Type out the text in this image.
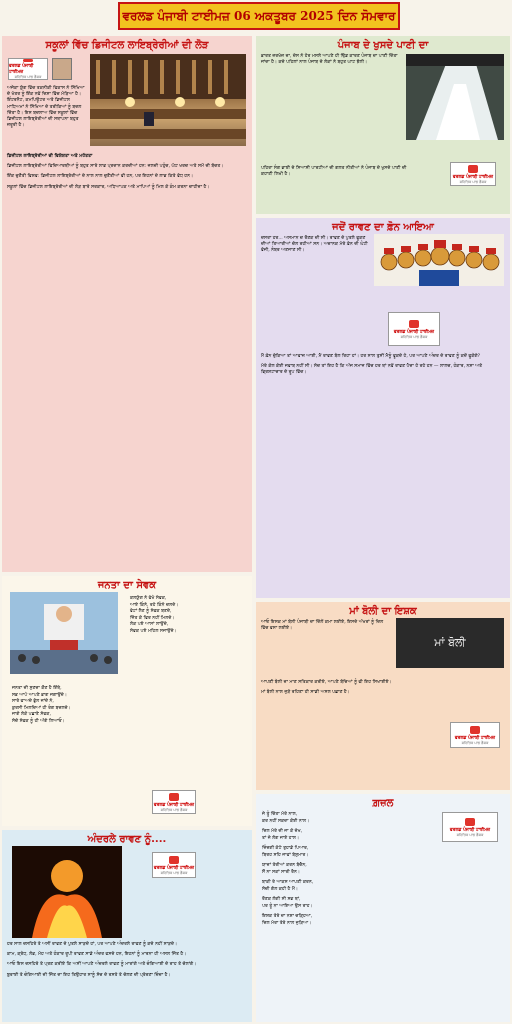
ਵਰਲਡ ਪੰਜਾਬੀ ਟਾਈਮਜ਼ 06 ਅਕਤੂਬਰ 2025 ਦਿਨ ਸੋਮਵਾਰ
ਸਕੂਲਾਂ ਵਿੱਚ ਡਿਜੀਟਲ ਲਾਇਬ੍ਰੇਰੀਆਂ ਦੀ ਲੋੜ
ਵਰਲਡ ਪੰਜਾਬੀ ਟਾਈਮਜ਼
ਸਹਿਤਿਕ ਪਾਠ ਡੈਸਕ

ਅਜੋਕਾ ਯੁੱਗ ਵਿੱਚ ਤਕਨੀਕੀ ਵਿਕਾਸ ਨੇ ਸਿੱਖਿਆ ਦੇ ਖੇਤਰ ਨੂੰ ਇੱਕ ਨਵੇਂ ਦਿਸ਼ਾ ਵਿੱਚ ਮੋੜਿਆ ਹੈ। ਇੰਟਰਨੈਟ, ਕਮਪਿਊਟਰ ਅਤੇ ਡਿਜੀਟਲ ਮਾਧਿਅਮਾਂ ਨੇ ਸਿੱਖਿਆ ਦੇ ਤਰੀਕਿਆਂ ਨੂੰ ਬਦਲ ਦਿੱਤਾ ਹੈ। ਇਸ ਬਦਲਾਅ ਵਿੱਚ ਸਕੂਲਾਂ ਵਿੱਚ ਡਿਜੀਟਲ ਲਾਇਬ੍ਰੇਰੀਆਂ ਦੀ ਸਥਾਪਨਾ ਬਹੁਤ ਜ਼ਰੂਰੀ ਹੈ।

ਡਿਜੀਟਲ ਲਾਇਬ੍ਰੇਰੀਆਂ ਦੀ ਵਿਸ਼ੇਸ਼ਤਾ ਅਤੇ ਮਹੱਤਤਾ

ਡਿਜੀਟਲ ਲਾਇਬ੍ਰੇਰੀਆਂ ਵਿਦਿਆਰਥੀਆਂ ਨੂੰ ਬਹੁਤ ਸਾਰੇ ਲਾਭ ਪ੍ਰਦਾਨ ਕਰਦੀਆਂ ਹਨ: ਜਲਦੀ ਪਹੁੰਚ, ਘੱਟ ਖਰਚ ਅਤੇ ਸਮੇਂ ਦੀ ਬੱਚਤ।

ਇੱਕ ਚੁਣੌਤੀ ਵਿਸ਼ਵ: ਡਿਜੀਟਲ ਲਾਇਬ੍ਰੇਰੀਆਂ ਦੇ ਨਾਲ ਨਾਲ ਚੁਣੌਤੀਆਂ ਵੀ ਹਨ, ਪਰ ਇਹਨਾਂ ਦੇ ਲਾਭ ਕਿਤੇ ਵੱਧ ਹਨ।

ਸਕੂਲਾਂ ਵਿੱਚ ਡਿਜੀਟਲ ਲਾਇਬ੍ਰੇਰੀਆਂ ਦੀ ਲੋੜ ਬਾਰੇ ਸਰਕਾਰ, ਅਧਿਆਪਕ ਅਤੇ ਮਾਪਿਆਂ ਨੂੰ ਮਿਲ ਕੇ ਕੰਮ ਕਰਨਾ ਚਾਹੀਦਾ ਹੈ।

ਪੰਜਾਬ ਦੇ ਖੁਸਦੇ ਪਾਣੀ ਦਾ

ਭਾਰਤ ਜ਼ਰਖੇਜ਼ ਦਾ, ਦੇਸ ਨੇ ਹੋਰ ਮਸਲੇ ਆਪਣੇ ਹੀ ਢਿੱਡ ਕਾਰਣ ਪੰਜਾਬ ਦਾ ਪਾਣੀ ਦਿੱਤਾ ਜਾਂਦਾ ਹੈ। ਕਦੇ ਪਹਿਲਾਂ ਨਾਲ ਪੰਜਾਬ ਦੇ ਲੋਕਾਂ ਨੇ ਬਹੁਤ ਘਾਟ ਝੱਲੀ।

ਪਹਿਰਾ ਸੰਗ ਭਾਈ ਦੇ ਸਿਆਸੀ ਪਾਰਟੀਆਂ ਦੀ ਗਲਤ ਨੀਤੀਆਂ ਨੇ ਪੰਜਾਬ ਦੇ ਖੁਸਦੇ ਪਾਣੀ ਦੀ ਕਹਾਣੀ ਲਿਖੀ ਹੈ।	ਵਰਲਡ ਪੰਜਾਬੀ ਟਾਈਮਜ਼
ਸਹਿਤਿਕ ਪਾਠ ਡੈਸਕ
ਜਦੋਂ ਰਾਵਣ ਦਾ ਫ਼ੋਨ ਆਇਆ

ਦਸਰਾ ਹਰ... ਅਸਮਾਨ ਚ ਰੌਣਕ ਦੀ ਸੀ। ਰਾਵਣ ਦੇ ਪੁਤਲੇ ਫੂਕਣ ਦੀਆਂ ਤਿਆਰੀਆਂ ਚੱਲ ਰਹੀਆਂ ਸਨ। ਅਚਾਨਕ ਮੇਰੇ ਫ਼ੋਨ ਦੀ ਘੰਟੀ ਵੱਜੀ, ਨੰਬਰ ਅਣਜਾਣ ਸੀ।

ਵਰਲਡ ਪੰਜਾਬੀ ਟਾਈਮਜ਼
ਸਹਿਤਿਕ ਪਾਠ ਡੈਸਕ

ਮੈਂ ਫ਼ੋਨ ਚੁੱਕਿਆ ਤਾਂ ਆਵਾਜ਼ ਆਈ, ਮੈਂ ਰਾਵਣ ਬੋਲ ਰਿਹਾ ਹਾਂ। ਹਰ ਸਾਲ ਤੁਸੀਂ ਮੈਨੂੰ ਫੂਕਦੇ ਹੋ, ਪਰ ਆਪਣੇ ਅੰਦਰ ਦੇ ਰਾਵਣ ਨੂੰ ਕਦੋਂ ਫੂਕੋਗੇ?

ਮੇਰੇ ਕੋਲ ਕੋਈ ਜਵਾਬ ਨਹੀਂ ਸੀ। ਸੱਚ ਤਾਂ ਇਹ ਹੈ ਕਿ ਅੱਜ ਸਮਾਜ ਵਿੱਚ ਹਰ ਥਾਂ ਨਵੇਂ ਰਾਵਣ ਪੈਦਾ ਹੋ ਰਹੇ ਹਨ — ਲਾਲਚ, ਹੰਕਾਰ, ਨਸ਼ਾ ਅਤੇ ਭ੍ਰਿਸ਼ਟਾਚਾਰ ਦੇ ਰੂਪ ਵਿੱਚ।

ਜਨਤਾ ਦਾ ਸੇਵਕ

ਕਲਯੁੱਗ ਨੇ ਵੇਖੋ ਸੇਵਕ,

ਆਏ ਕਿੰਨੇ, ਰਹੇ ਕਿੰਨੇ ਚਲਦੇ।

ਵੋਟਾਂ ਲੈਣ ਨੂੰ ਸੇਵਕ ਬਣਦੇ,

ਜਿੱਤ ਕੇ ਫਿਰ ਨਹੀਂ ਮਿਲਦੇ।

ਲੋਕ ਪਏ ਆਸਾਂ ਲਾਉਂਦੇ,

ਸੇਵਕ ਪਏ ਮਹਿਲ ਸਜਾਉਂਦੇ।

ਜਨਤਾ ਦੀ ਸੁਣਦਾ ਕੌਣ ਹੈ ਇੱਥੇ,

ਸਭ ਆਪੋ ਆਪਣੇ ਭਾਗ ਜਗਾਉਂਦੇ।

ਸਾਰੇ ਵਾਅਦੇ ਭੁੱਲ ਜਾਂਦੇ ਨੇ,

ਕੁਰਸੀ ਮਿਲਦਿਆਂ ਹੀ ਰੰਗ ਬਦਲਦੇ।

ਜਾਗੋ ਲੋਕੋ ਪਛਾਣੋ ਸੇਵਕ,

ਸੱਚੇ ਸੇਵਕ ਨੂੰ ਹੀ ਅੱਗੇ ਲਿਆਓ।

ਵਰਲਡ ਪੰਜਾਬੀ ਟਾਈਮਜ਼
ਸਹਿਤਿਕ ਪਾਠ ਡੈਸਕ
ਮਾਂ ਬੋਲੀ ਦਾ ਇਸ਼ਕ
ਮਾਂ ਬੋਲੀ

ਆਓ ਇਸਕ ਮਾਂ ਬੋਲੀ ਪੰਜਾਬੀ ਦਾ ਦਿੱਲੋਂ ਕਮਾ ਲਈਏ, ਇਸਦੇ ਅੱਖਰਾਂ ਨੂੰ ਦਿਲ ਵਿੱਚ ਵਸਾ ਲਈਏ।

ਆਪਣੀ ਬੋਲੀ ਦਾ ਮਾਣ ਸਤਿਕਾਰ ਕਰੀਏ, ਆਪਣੇ ਬੱਚਿਆਂ ਨੂੰ ਵੀ ਇਹ ਸਿਖਾਈਏ।

ਮਾਂ ਬੋਲੀ ਨਾਲ ਜੁੜੇ ਰਹਿਣਾ ਹੀ ਸਾਡੀ ਅਸਲ ਪਛਾਣ ਹੈ।

ਵਰਲਡ ਪੰਜਾਬੀ ਟਾਈਮਜ਼
ਸਹਿਤਿਕ ਪਾਠ ਡੈਸਕ
ਅੰਦਰਲੇ ਰਾਵਣ ਨੂੰ....
ਵਰਲਡ ਪੰਜਾਬੀ ਟਾਈਮਜ਼
ਸਹਿਤਿਕ ਪਾਠ ਡੈਸਕ

ਹਰ ਸਾਲ ਦਸਹਿਰੇ ਤੇ ਅਸੀਂ ਰਾਵਣ ਦੇ ਪੁਤਲੇ ਸਾੜਦੇ ਹਾਂ, ਪਰ ਆਪਣੇ ਅੰਦਰਲੇ ਰਾਵਣ ਨੂੰ ਕਦੇ ਨਹੀਂ ਸਾੜਦੇ।

ਕਾਮ, ਕ੍ਰੋਧ, ਲੋਭ, ਮੋਹ ਅਤੇ ਹੰਕਾਰ ਰੂਪੀ ਰਾਵਣ ਸਾਡੇ ਅੰਦਰ ਵਸਦੇ ਹਨ, ਇਹਨਾਂ ਨੂੰ ਮਾਰਨਾ ਹੀ ਅਸਲ ਜਿੱਤ ਹੈ।

ਆਓ ਇਸ ਦਸਹਿਰੇ ਤੇ ਪ੍ਰਣ ਕਰੀਏ ਕਿ ਅਸੀਂ ਆਪਣੇ ਅੰਦਰਲੇ ਰਾਵਣ ਨੂੰ ਮਾਰਾਂਗੇ ਅਤੇ ਚੰਗਿਆਈ ਦੇ ਰਾਹ ਤੇ ਚੱਲਾਂਗੇ।

ਬੁਰਾਈ ਤੇ ਚੰਗਿਆਈ ਦੀ ਜਿੱਤ ਦਾ ਇਹ ਤਿਉਹਾਰ ਸਾਨੂੰ ਸੱਚ ਦੇ ਰਸਤੇ ਤੇ ਚੱਲਣ ਦੀ ਪ੍ਰੇਰਣਾ ਦਿੰਦਾ ਹੈ।

ਗ਼ਜ਼ਲ
ਵਰਲਡ ਪੰਜਾਬੀ ਟਾਈਮਜ਼
ਸਹਿਤਿਕ ਪਾਠ ਡੈਸਕ

ਜੋ ਤੂੰ ਚਿੱਤਾ ਮੇਰੇ ਨਾਲ,

ਕਰ ਨਹੀਂ ਸਕਦਾ ਕੋਈ ਨਾਲ।

ਦਿਲ ਮੇਰੇ ਦੀ ਜਾ ਕੇ ਦੇਖ,

ਤਾਂ ਜੋ ਲੱਗ ਜਾਏ ਹਾਲ।

ਜ਼ਿੰਦਗੀ ਕੱਟੇ ਤੁਹਾਡੇ ਪਿਆਰ,

ਬਿਰਹ ਸਹਿ ਜਾਵਾਂ ਬੇਸ਼ੁਮਾਰ।

ਯਾਦਾਂ ਤੇਰੀਆਂ ਕਰਨ ਬੇਚੈਨ,

ਸੌਂ ਨਾ ਸਕਾਂ ਸਾਰੀ ਰੈਨ।

ਬਾਕੀ ਰੇ ਆਕਸ ਆਪਣੀ ਕਰਨ,

ਸੱਚੀ ਗੱਲ ਕਹੀ ਹੈ ਮੈਂ।

ਰੌਣਕ ਲੱਗੀ ਸੀ ਸਭ ਥਾਂ,

ਪਰ ਤੂੰ ਨਾ ਆਇਆ ਉਸ ਰਾਹ।

ਇਸ਼ਕ ਤੇਰੇ ਦਾ ਨਸ਼ਾ ਚੜ੍ਹਿਆ,

ਦਿਲ ਮੇਰਾ ਤੇਰੇ ਨਾਲ ਜੁੜਿਆ।
